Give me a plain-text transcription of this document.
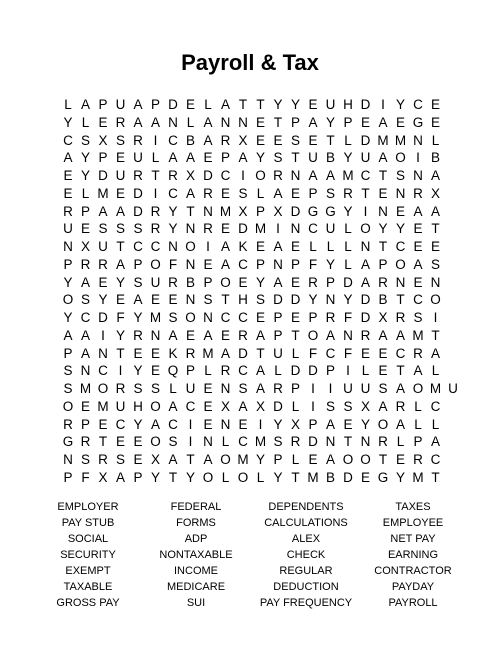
Payroll & Tax
L A P U A P D E L A T T Y Y E U H D I Y C E
Y L E R A A N L A N N E T P A Y P E A E G E
C S X S R I C B A R X E E S E T L D M M N L
A Y P E U L A A E P A Y S T U B Y U A O I B
E Y D U R T R X D C I O R N A A M C T S N A
E L M E D I C A R E S L A E P S R T E N R X
R P A A D R Y T N M X P X D G G Y I N E A A
U E S S S R Y N R E D M I N C U L O Y Y E T
N X U T C C N O I A K E A E L L L N T C E E
P R R A P O F N E A C P N P F Y L A P O A S
Y A E Y S U R B P O E Y A E R P D A R N E N
O S Y E A E E N S T H S D D Y N Y D B T C O
Y C D F Y M S O N C C E P E P R F D X R S I
A A I Y R N A E A E R A P T O A N R A A M T
P A N T E E K R M A D T U L F C F E E C R A
S N C I Y E Q P L R C A L D D P I L E T A L
S M O R S S L U E N S A R P I	I U U S A O M U
O E M U H O A C E X A X D L I S S X A R L C
R P E C Y A C I E N E I Y X P A E Y O A L L
G R T E E O S I N L C M S R D N T N R L P A
N S R S E X A T A O M Y P L E A O O T E R C
P F X A P Y T Y O L O L Y T M B D E G Y M T
EMPLOYER	FEDERAL	DEPENDENTS	TAXES
PAY STUB	FORMS	CALCULATIONS	EMPLOYEE
SOCIAL	ADP	ALEX	NET PAY
SECURITY	NONTAXABLE	CHECK	EARNING
EXEMPT	INCOME	REGULAR	CONTRACTOR
TAXABLE	MEDICARE	DEDUCTION	PAYDAY
GROSS PAY	SUI	PAY FREQUENCY	PAYROLL
